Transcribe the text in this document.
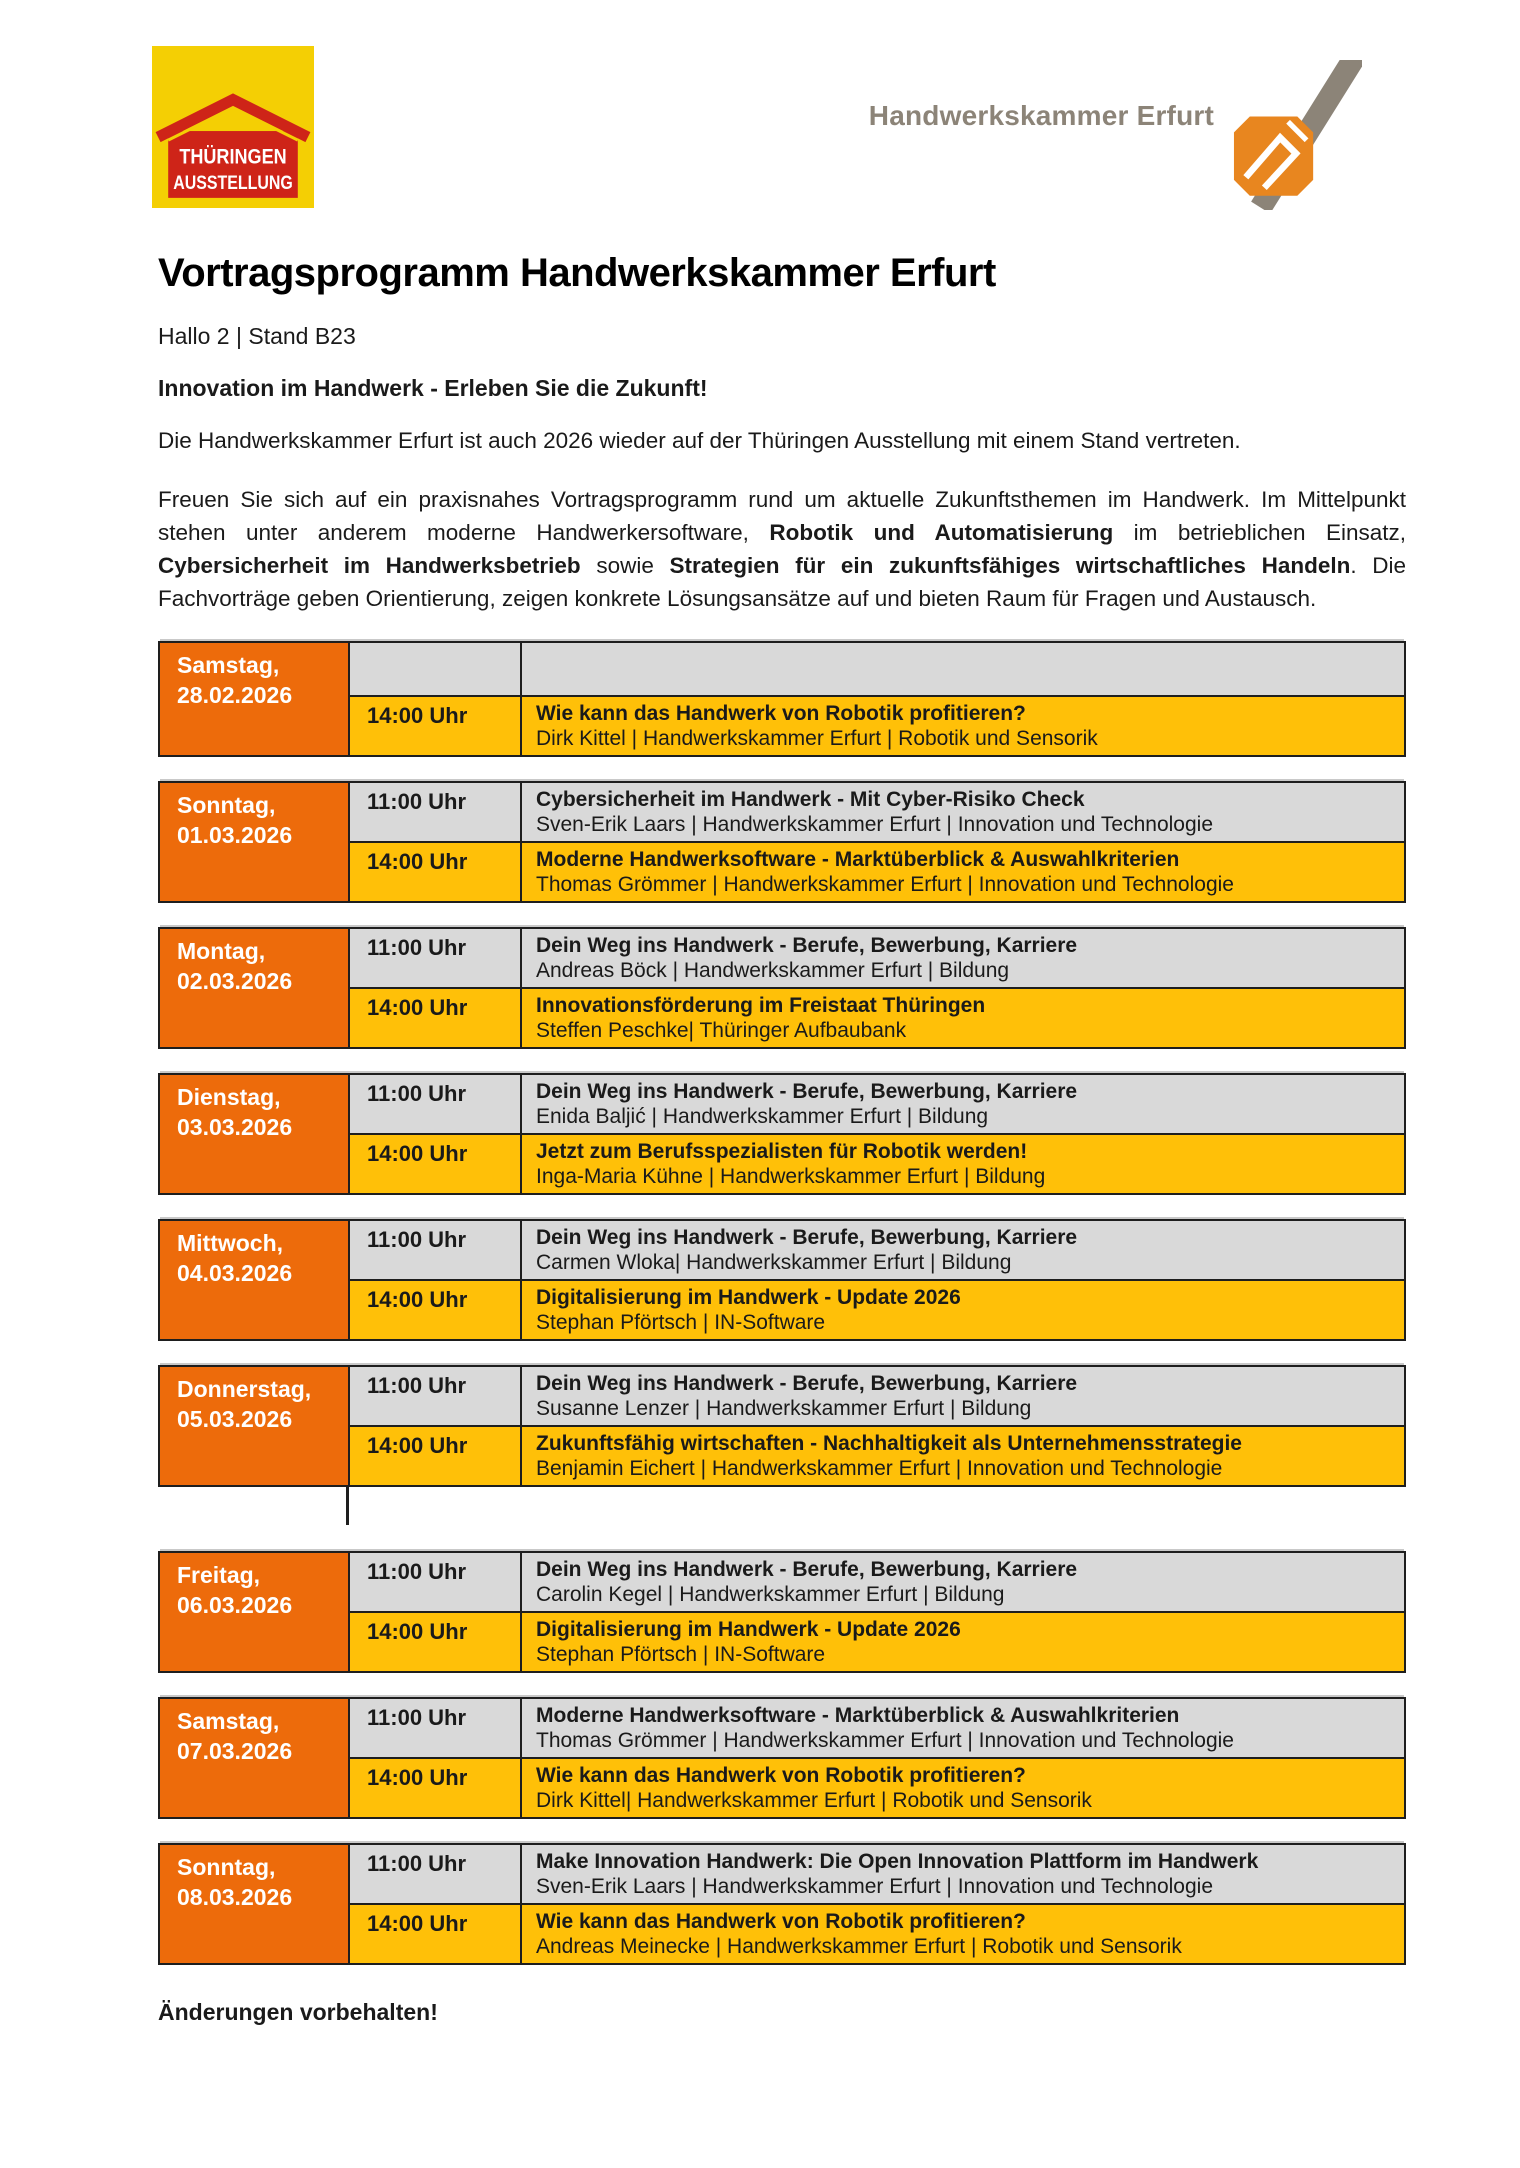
THÜRINGEN
AUSSTELLUNG
Handwerkskammer Erfurt
Vortragsprogramm Handwerkskammer Erfurt

Hallo 2 | Stand B23

Innovation im Handwerk - Erleben Sie die Zukunft!

Die Handwerkskammer Erfurt ist auch 2026 wieder auf der Thüringen Ausstellung mit einem Stand vertreten.

Freuen Sie sich auf ein praxisnahes Vortragsprogramm rund um aktuelle Zukunftsthemen im Handwerk. Im Mittelpunkt stehen unter anderem moderne Handwerkersoftware, Robotik und Automatisierung im betrieblichen Einsatz, Cybersicherheit im Handwerksbetrieb sowie Strategien für ein zukunftsfähiges wirtschaftliches Handeln. Die Fachvorträge geben Orientierung, zeigen konkrete Lösungsansätze auf und bieten Raum für Fragen und Austausch.

Samstag,
28.02.2026
14:00 Uhr	Wie kann das Handwerk von Robotik profitieren?
Dirk Kittel | Handwerkskammer Erfurt | Robotik und Sensorik
Sonntag,
01.03.2026
11:00 Uhr	Cybersicherheit im Handwerk - Mit Cyber-Risiko Check
Sven-Erik Laars | Handwerkskammer Erfurt | Innovation und Technologie
14:00 Uhr	Moderne Handwerksoftware - Marktüberblick & Auswahlkriterien
Thomas Grömmer | Handwerkskammer Erfurt | Innovation und Technologie
Montag,
02.03.2026
11:00 Uhr	Dein Weg ins Handwerk - Berufe, Bewerbung, Karriere
Andreas Böck | Handwerkskammer Erfurt | Bildung
14:00 Uhr	Innovationsförderung im Freistaat Thüringen
Steffen Peschke| Thüringer Aufbaubank
Dienstag,
03.03.2026
11:00 Uhr	Dein Weg ins Handwerk - Berufe, Bewerbung, Karriere
Enida Baljić | Handwerkskammer Erfurt | Bildung
14:00 Uhr	Jetzt zum Berufsspezialisten für Robotik werden!
Inga-Maria Kühne | Handwerkskammer Erfurt | Bildung
Mittwoch,
04.03.2026
11:00 Uhr	Dein Weg ins Handwerk - Berufe, Bewerbung, Karriere
Carmen Wloka| Handwerkskammer Erfurt | Bildung
14:00 Uhr	Digitalisierung im Handwerk - Update 2026
Stephan Pförtsch | IN-Software
Donnerstag,
05.03.2026
11:00 Uhr	Dein Weg ins Handwerk - Berufe, Bewerbung, Karriere
Susanne Lenzer | Handwerkskammer Erfurt | Bildung
14:00 Uhr	Zukunftsfähig wirtschaften - Nachhaltigkeit als Unternehmensstrategie
Benjamin Eichert | Handwerkskammer Erfurt | Innovation und Technologie
Freitag,
06.03.2026
11:00 Uhr	Dein Weg ins Handwerk - Berufe, Bewerbung, Karriere
Carolin Kegel | Handwerkskammer Erfurt | Bildung
14:00 Uhr	Digitalisierung im Handwerk - Update 2026
Stephan Pförtsch | IN-Software
Samstag,
07.03.2026
11:00 Uhr	Moderne Handwerksoftware - Marktüberblick & Auswahlkriterien
Thomas Grömmer | Handwerkskammer Erfurt | Innovation und Technologie
14:00 Uhr	Wie kann das Handwerk von Robotik profitieren?
Dirk Kittel| Handwerkskammer Erfurt | Robotik und Sensorik
Sonntag,
08.03.2026
11:00 Uhr	Make Innovation Handwerk: Die Open Innovation Plattform im Handwerk
Sven-Erik Laars | Handwerkskammer Erfurt | Innovation und Technologie
14:00 Uhr	Wie kann das Handwerk von Robotik profitieren?
Andreas Meinecke | Handwerkskammer Erfurt | Robotik und Sensorik

Änderungen vorbehalten!
